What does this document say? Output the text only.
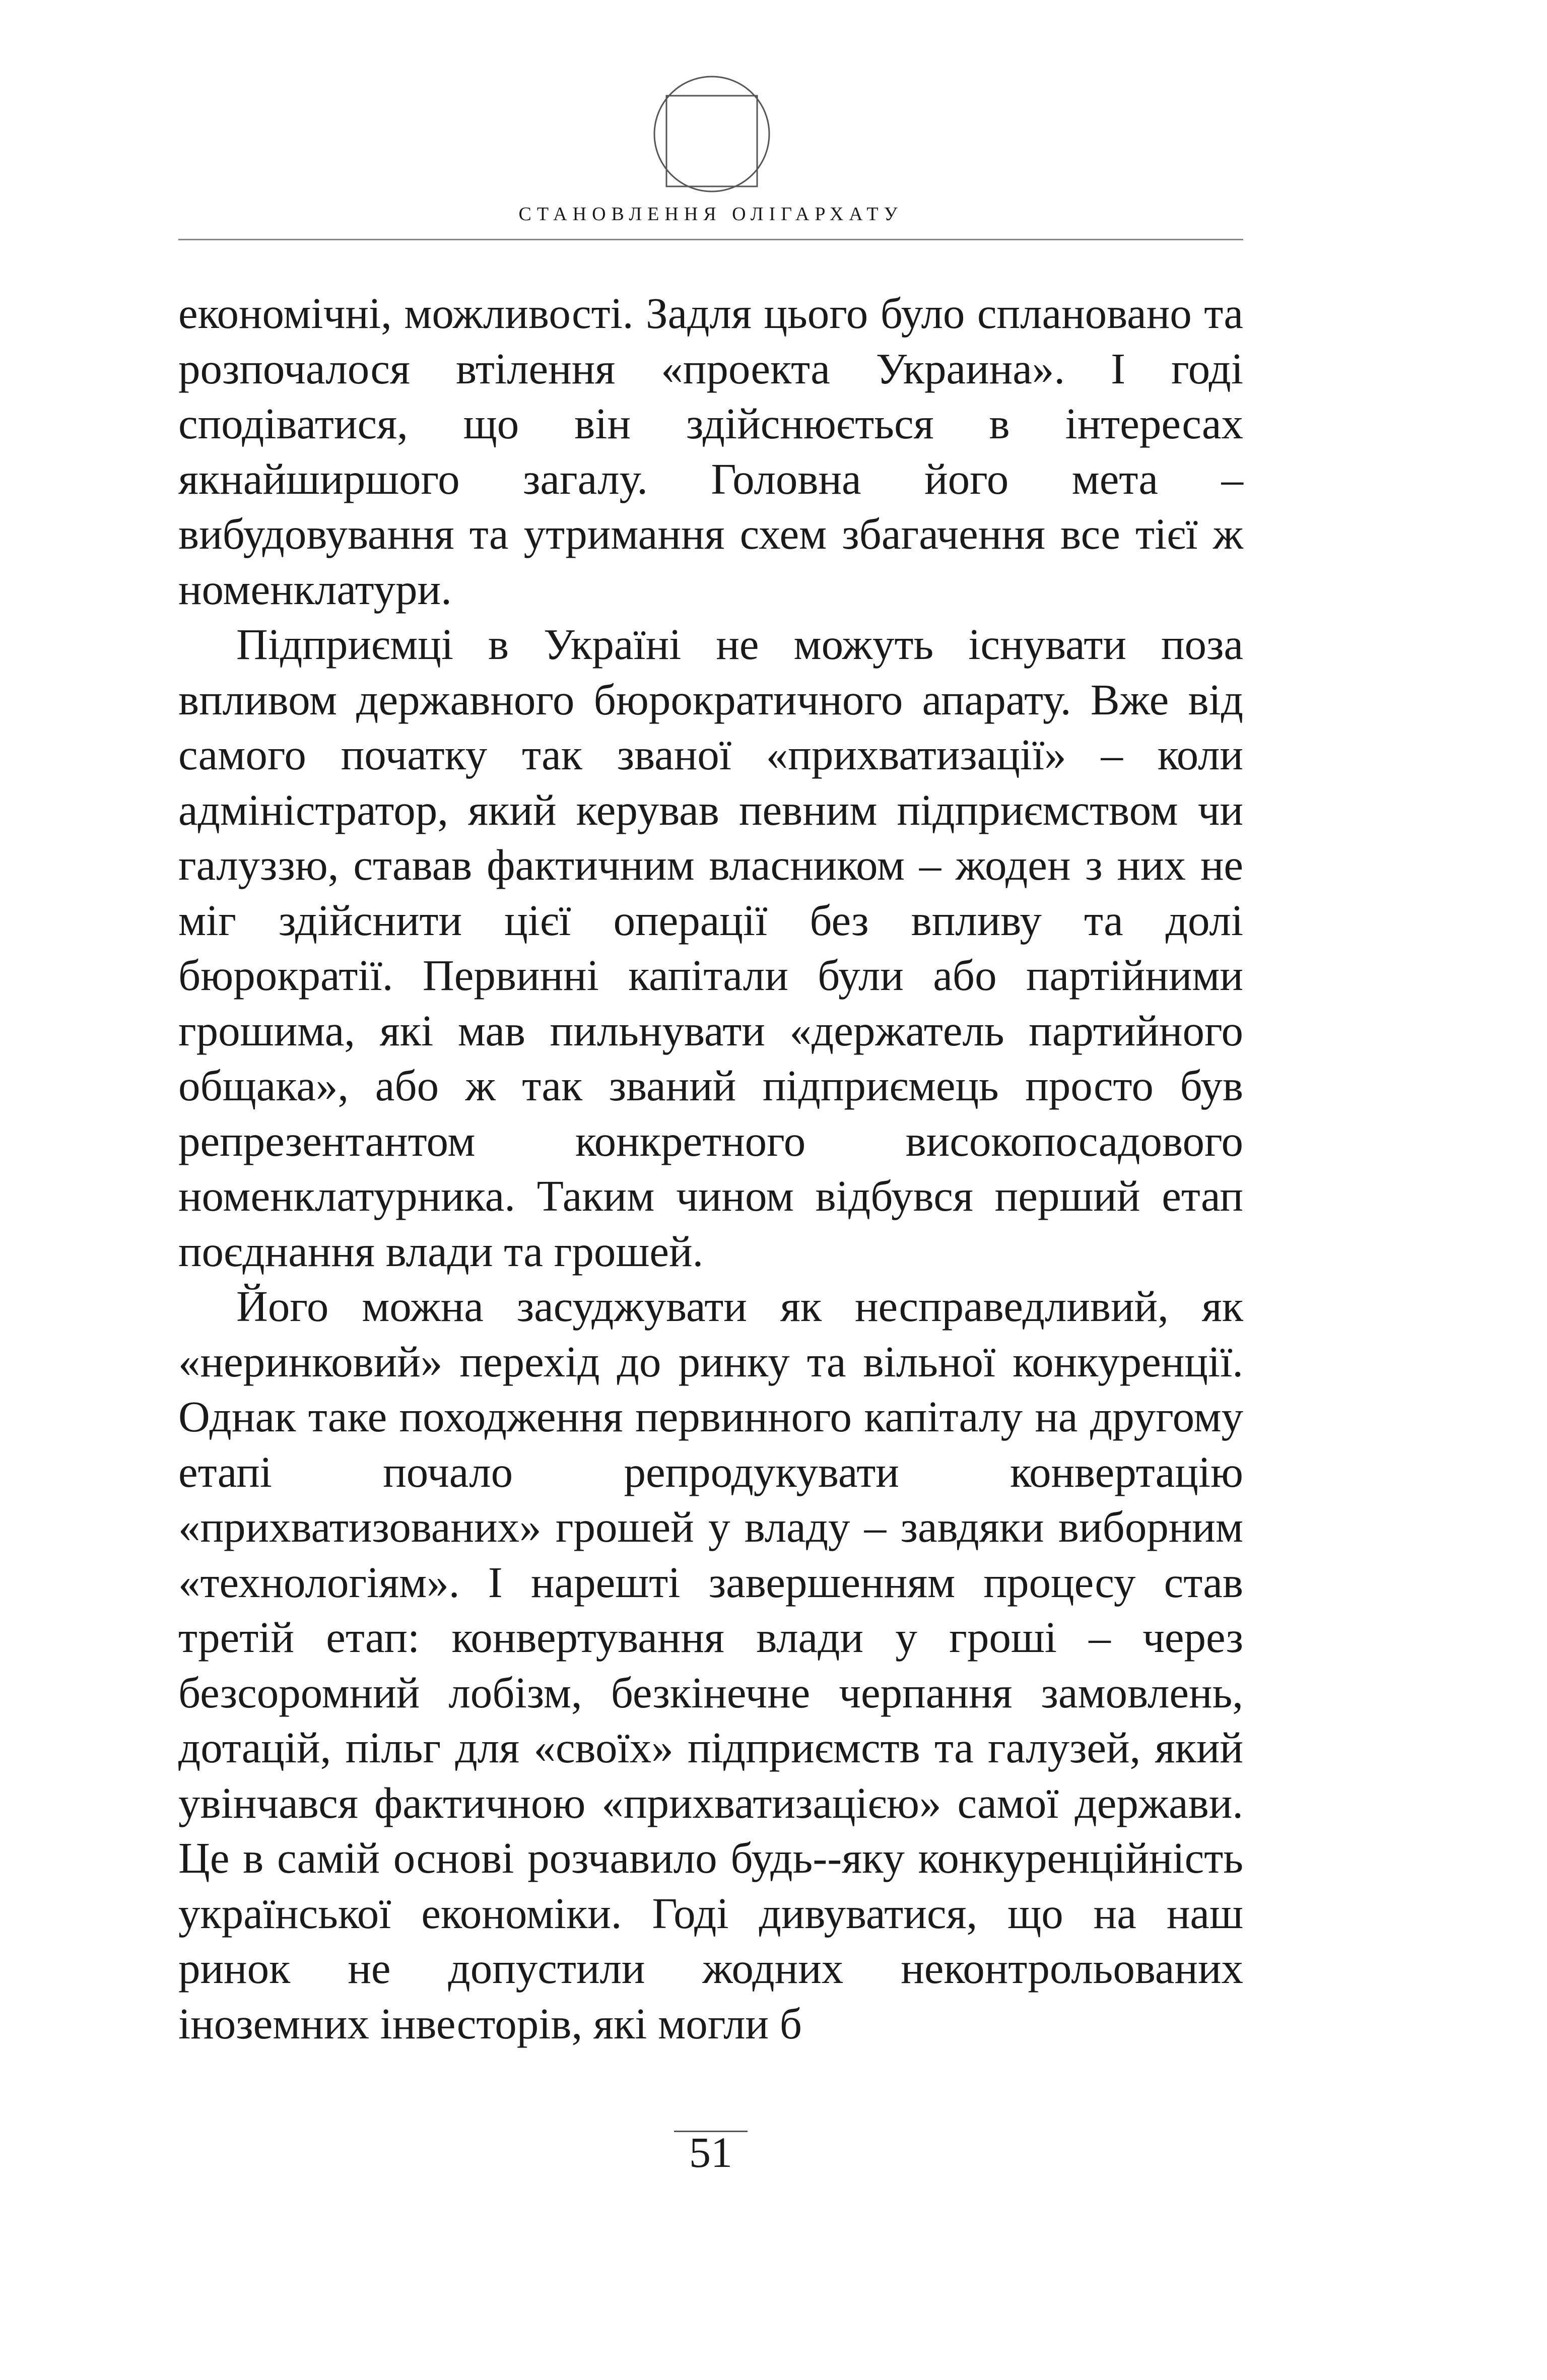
СТАНОВЛЕННЯ ОЛІГАРХАТУ

економічні, можливості. Задля цього було сплановано та розпочалося втілення «проекта Украина». І годі сподіватися, що він здійснюється в інтересах якнайширшого загалу. Головна його мета – вибудовування та утримання схем збагачення все тієї ж номенклатури.

Підприємці в Україні не можуть існувати поза впливом державного бюрократичного апарату. Вже від самого початку так званої «прихватизації» – коли адміністратор, який керував певним підприємством чи галуззю, ставав фактичним власником – жоден з них не міг здійснити цієї операції без впливу та долі бюрократії. Первинні капітали були або партійними грошима, які мав пильнувати «держатель партийного общака», або ж так званий підприємець просто був репрезентантом конкретного високопосадового номенклатурника. Таким чином відбувся перший етап поєднання влади та грошей.

Його можна засуджувати як несправедливий, як «неринковий» перехід до ринку та вільної конкуренції. Однак таке походження первинного капіталу на другому етапі почало репродукувати конвертацію «прихватизованих» грошей у владу – завдяки виборним «технологіям». І нарешті завершенням процесу став третій етап: конвертування влади у гроші – через безсоромний лобізм, безкінечне черпання замовлень, дотацій, пільг для «своїх» підприємств та галузей, який увінчався фактичною «прихватизацією» самої держави. Це в самій основі розчавило будь--яку конкуренційність української економіки. Годі дивуватися, що на наш ринок не допустили жодних неконтрольованих іноземних інвесторів, які могли б

51
